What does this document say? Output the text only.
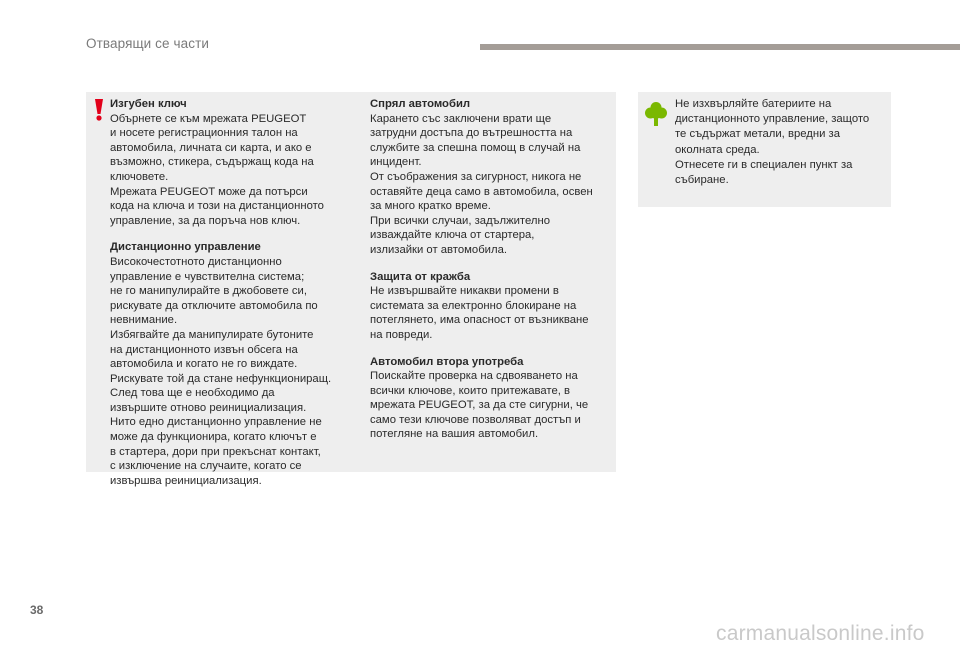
Отварящи се части
Изгубен ключ
Обърнете се към мрежата PEUGEOT
и носете регистрационния талон на
автомобила, личната си карта, и ако е
възможно, стикера, съдържащ кода на
ключовете.
Мрежата PEUGEOT може да потърси
кода на ключа и този на дистанционното
управление, за да поръча нов ключ.
Дистанционно управление
Високочестотното дистанционно
управление е чувствителна система;
не го манипулирайте в джобовете си,
рискувате да отключите автомобила по
невнимание.
Избягвайте да манипулирате бутоните
на дистанционното извън обсега на
автомобила и когато не го виждате.
Рискувате той да стане нефункциониращ.
След това ще е необходимо да
извършите отново реинициализация.
Нито едно дистанционно управление не
може да функционира, когато ключът е
в стартера, дори при прекъснат контакт,
с изключение на случаите, когато се
извършва реинициализация.
Спрял автомобил
Карането със заключени врати ще
затрудни достъпа до вътрешността на
службите за спешна помощ в случай на
инцидент.
От съображения за сигурност, никога не
оставяйте деца само в автомобила, освен
за много кратко време.
При всички случаи, задължително
изваждайте ключа от стартера,
излизайки от автомобила.
Защита от кражба
Не извършвайте никакви промени в
системата за електронно блокиране на
потеглянето, има опасност от възникване
на повреди.
Автомобил втора употреба
Поискайте проверка на сдвояването на
всички ключове, които притежавате, в
мрежата PEUGEOT, за да сте сигурни, че
само тези ключове позволяват достъп и
потегляне на вашия автомобил.
Не изхвърляйте батериите на
дистанционното управление, защото
те съдържат метали, вредни за
околната среда.
Отнесете ги в специален пункт за
събиране.
38
carmanualsonline.info
